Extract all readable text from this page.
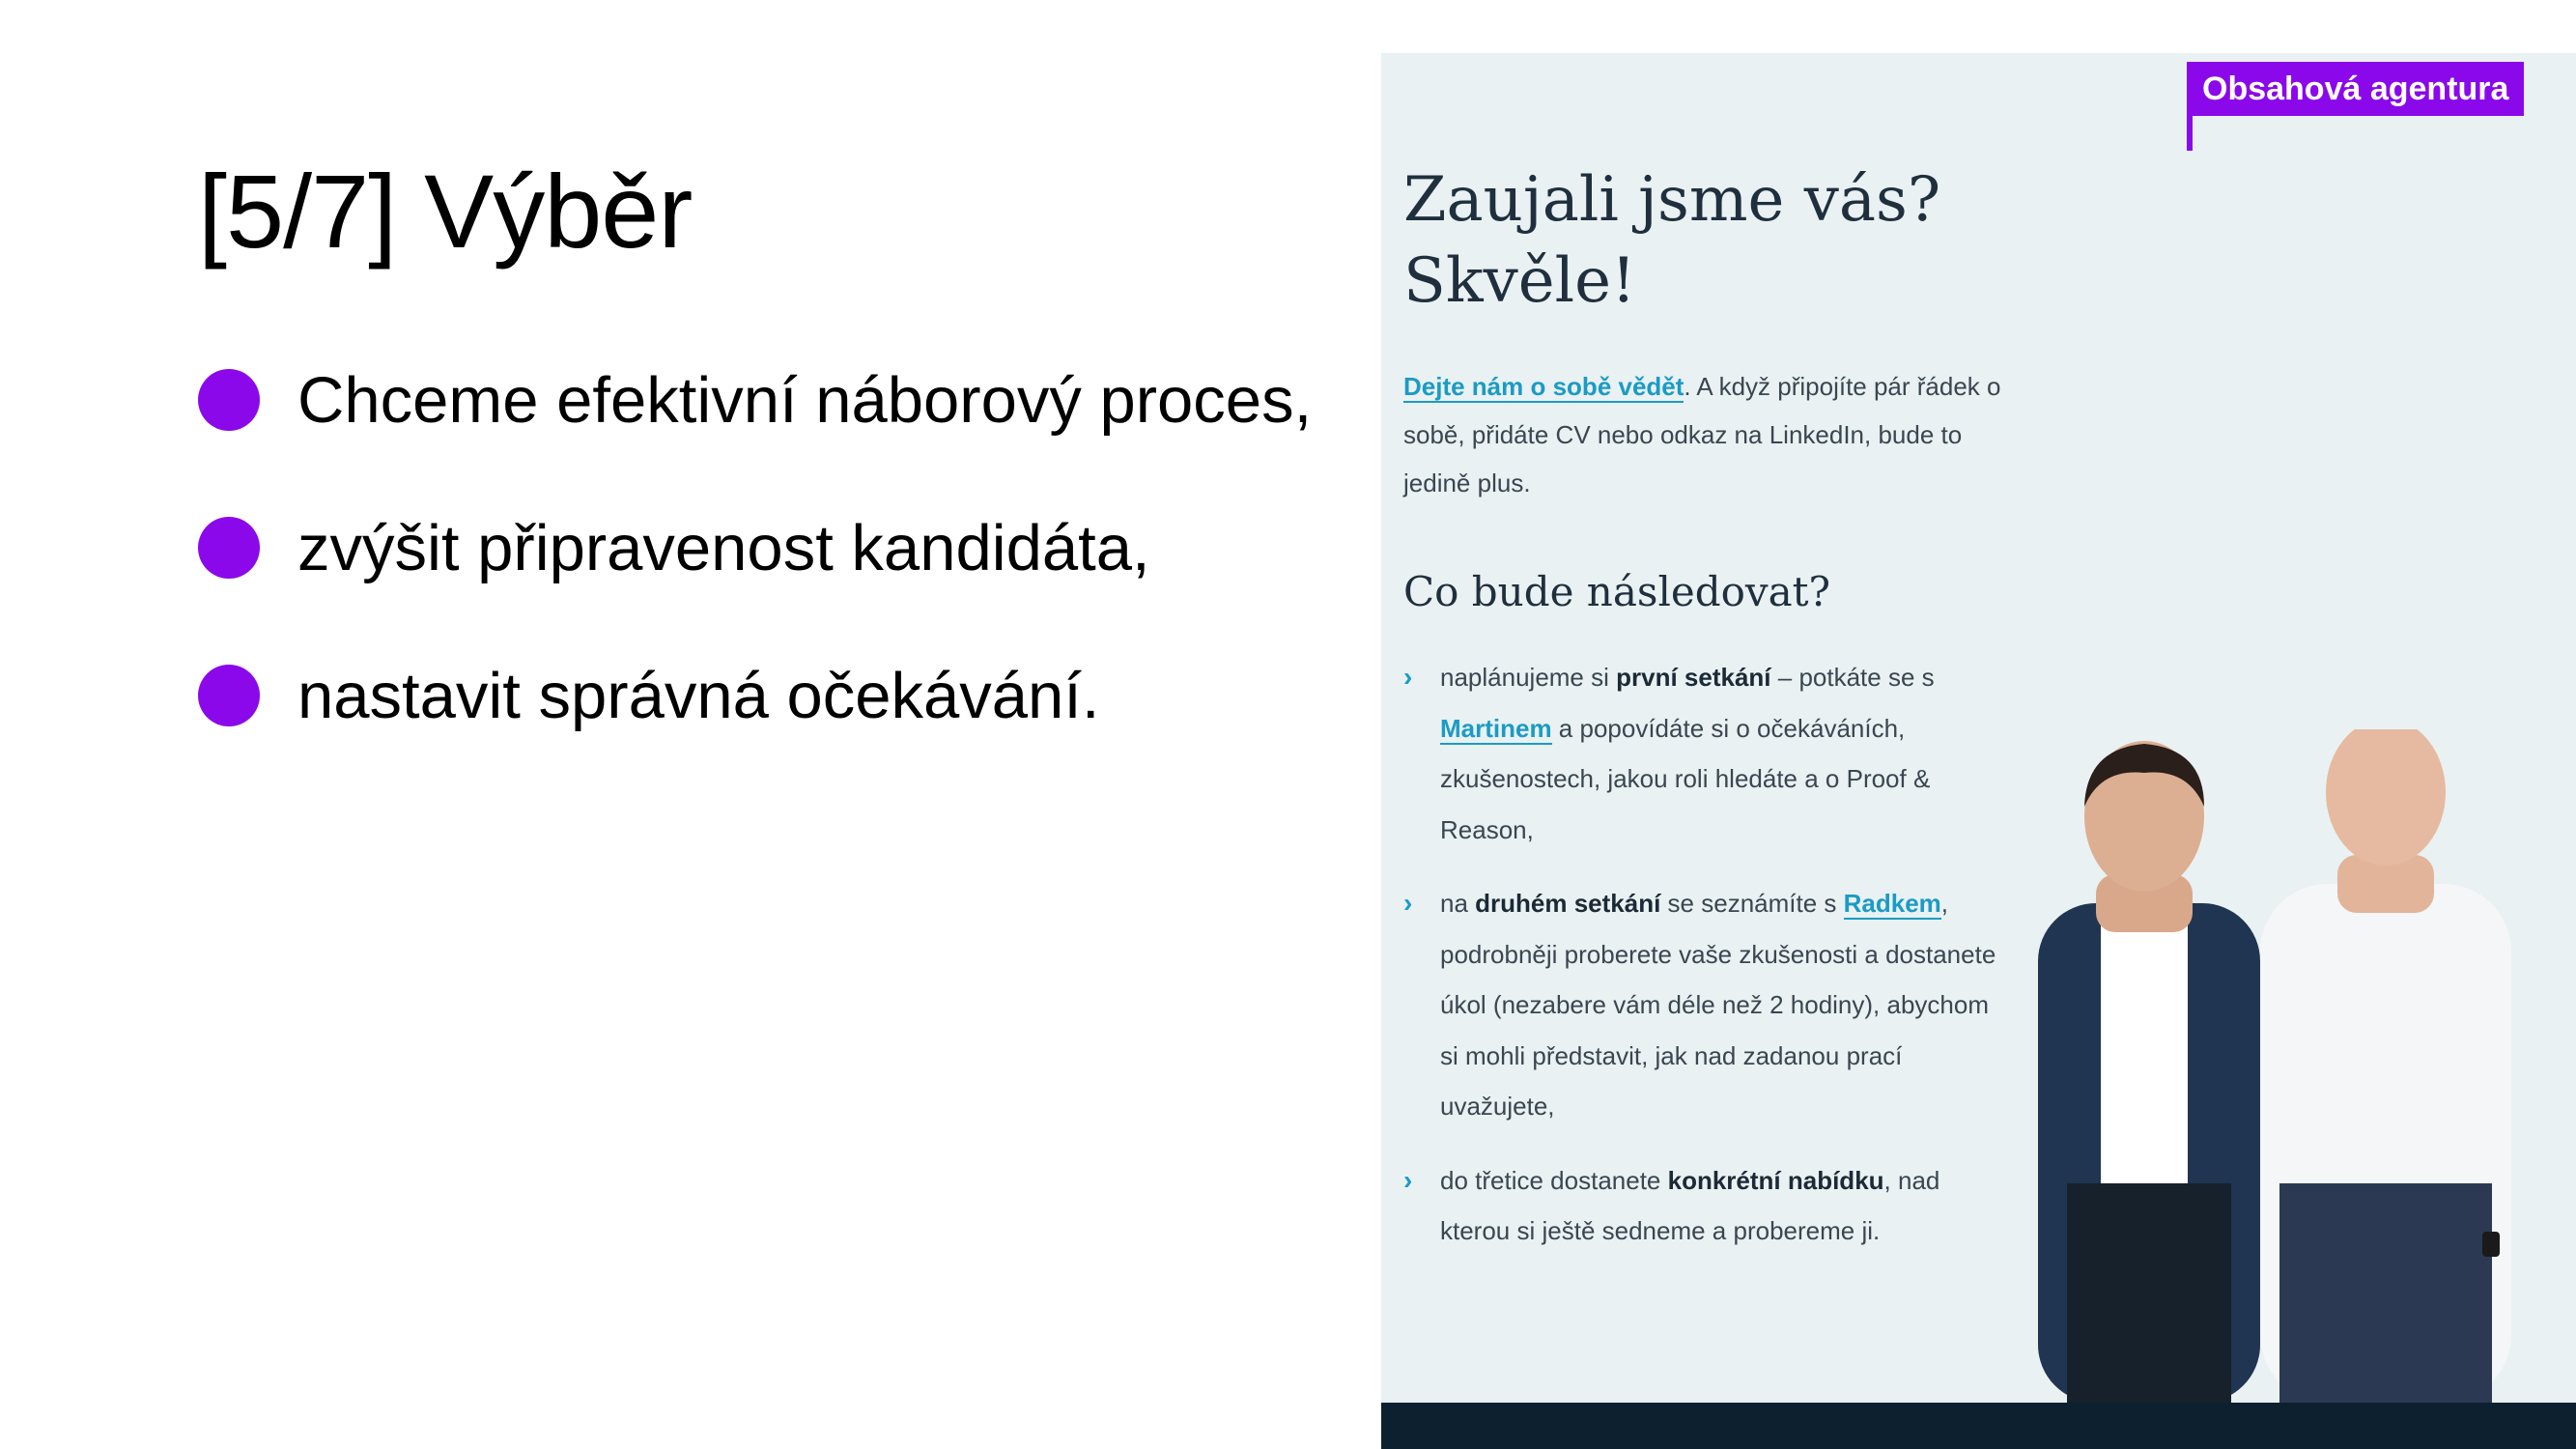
[5/7] Výběr
Chceme efektivní náborový proces,
zvýšit připravenost kandidáta,
nastavit správná očekávání.
Zaujali jsme vás?
Skvěle!

Dejte nám o sobě vědět. A když připojíte pár řádek o sobě, přidáte CV nebo odkaz na LinkedIn, bude to jedině plus.

Co bude následovat?
› naplánujeme si první setkání – potkáte se s Martinem a popovídáte si o očekáváních, zkušenostech, jakou roli hledáte a o Proof & Reason,
› na druhém setkání se seznámíte s Radkem, podrobněji proberete vaše zkušenosti a dostanete úkol (nezabere vám déle než 2 hodiny), abychom si mohli představit, jak nad zadanou prací uvažujete,
› do třetice dostanete konkrétní nabídku, nad kterou si ještě sedneme a probereme ji.
Obsahová agentura
